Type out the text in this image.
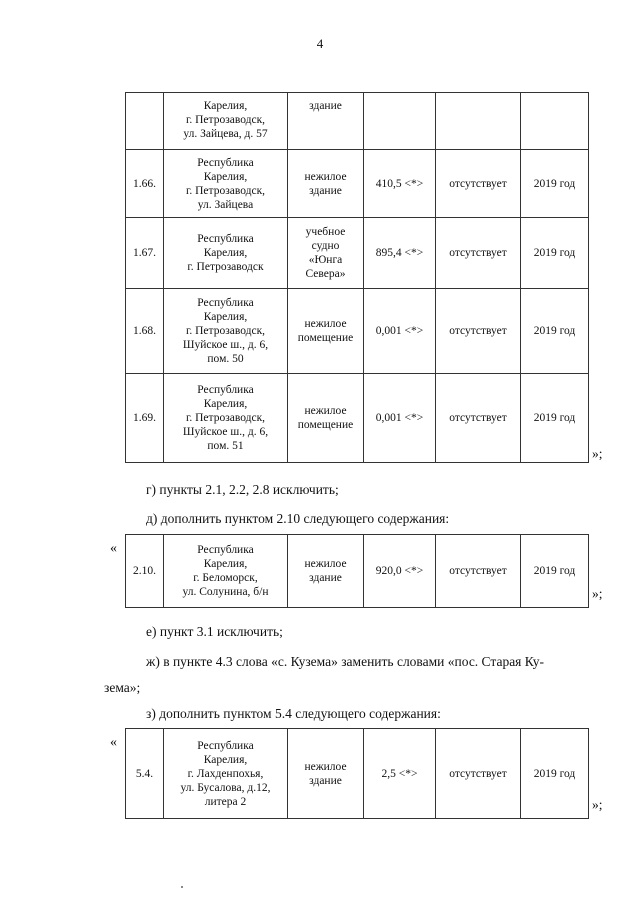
4
	Карелия,
г. Петрозаводск,
ул. Зайцева, д. 57	здание			
1.66.	Республика
Карелия,
г. Петрозаводск,
ул. Зайцева	нежилое
здание	410,5 <*>	отсутствует	2019 год
1.67.	Республика
Карелия,
г. Петрозаводск	учебное
судно
«Юнга
Севера»	895,4 <*>	отсутствует	2019 год
1.68.	Республика
Карелия,
г. Петрозаводск,
Шуйское ш., д. 6,
пом. 50	нежилое
помещение	0,001 <*>	отсутствует	2019 год
1.69.	Республика
Карелия,
г. Петрозаводск,
Шуйское ш., д. 6,
пом. 51	нежилое
помещение	0,001 <*>	отсутствует	2019 год
»;
г) пункты 2.1, 2.2, 2.8 исключить;
д) дополнить пунктом 2.10 следующего содержания:
«
2.10.	Республика
Карелия,
г. Беломорск,
ул. Солунина, б/н	нежилое
здание	920,0 <*>	отсутствует	2019 год
»;
е) пункт 3.1 исключить;
ж) в пункте 4.3 слова «с. Кузема» заменить словами «пос. Старая Ку-
зема»;
з) дополнить пунктом 5.4 следующего содержания:
«
5.4.	Республика
Карелия,
г. Лахденпохья,
ул. Бусалова, д.12,
литера 2	нежилое
здание	2,5 <*>	отсутствует	2019 год
»;
